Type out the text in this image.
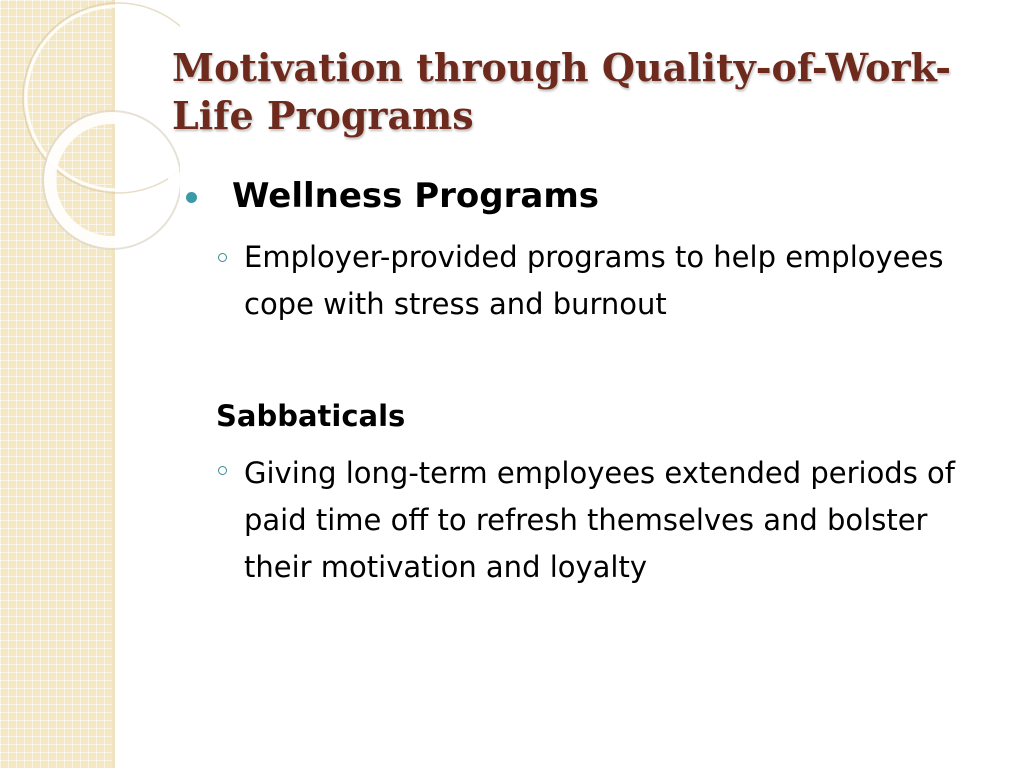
Motivation through Quality-of-Work-Life Programs
Wellness Programs
Employer-provided programs to help employees cope with stress and burnout
Sabbaticals
Giving long-term employees extended periods of paid time off to refresh themselves and bolster their motivation and loyalty
